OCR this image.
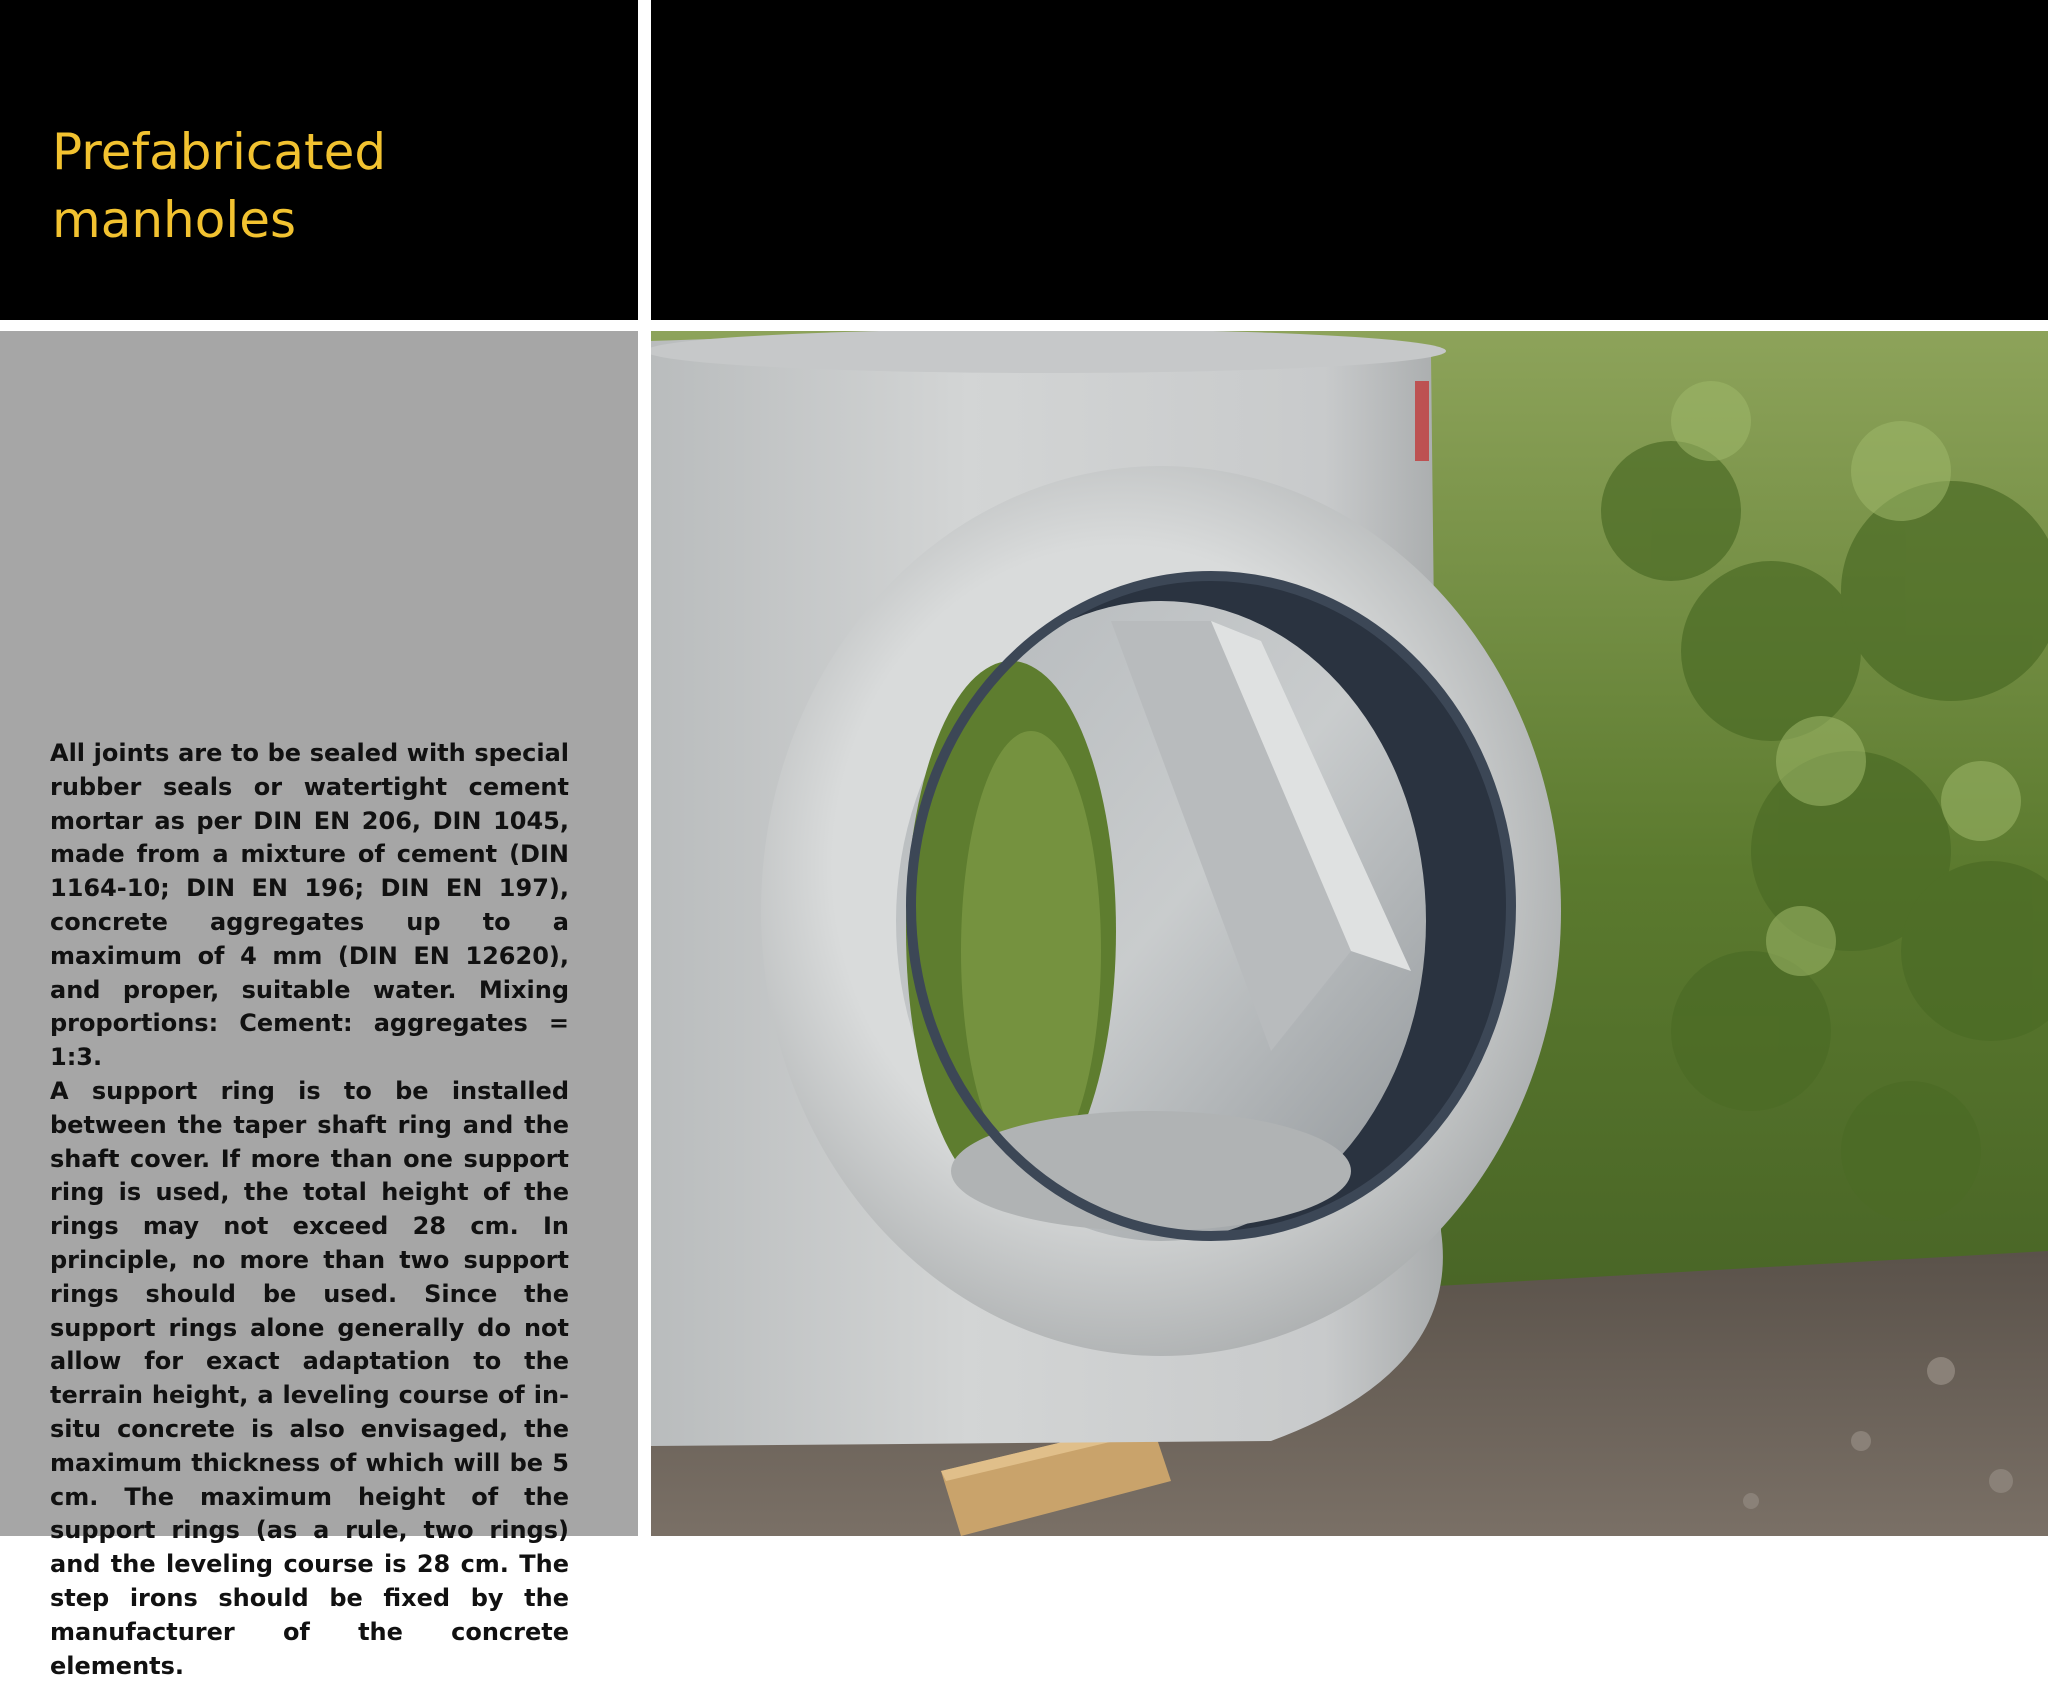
Prefabricated
manholes

All joints are to be sealed with special rubber seals or watertight cement mortar as per DIN EN 206, DIN 1045, made from a mixture of cement (DIN 1164-10; DIN EN 196; DIN EN 197), concrete aggregates up to a maximum of 4 mm (DIN EN 12620), and proper, suitable water. Mixing proportions: Cement: aggregates = 1:3.

A support ring is to be installed between the taper shaft ring and the shaft cover. If more than one support ring is used, the total height of the rings may not exceed 28 cm. In principle, no more than two support rings should be used. Since the support rings alone generally do not allow for exact adaptation to the terrain height, a leveling course of in-situ concrete is also envisaged, the maximum thickness of which will be 5 cm. The maximum height of the support rings (as a rule, two rings) and the leveling course is 28 cm. The step irons should be fixed by the manufacturer of the concrete elements.
